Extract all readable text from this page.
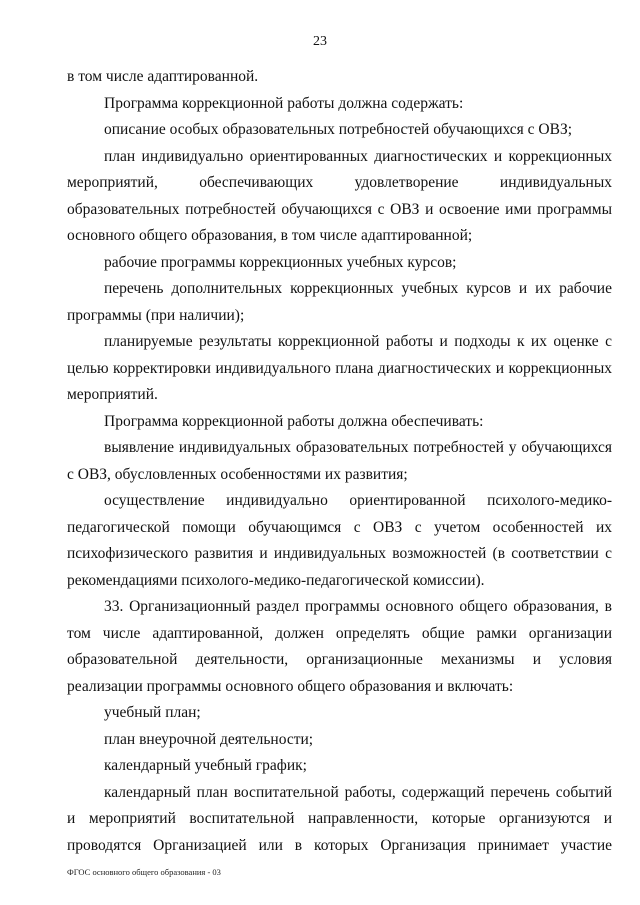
23

в том числе адаптированной.

Программа коррекционной работы должна содержать:

описание особых образовательных потребностей обучающихся с ОВЗ;

план индивидуально ориентированных диагностических и коррекционных мероприятий, обеспечивающих удовлетворение индивидуальных образовательных потребностей обучающихся с ОВЗ и освоение ими программы основного общего образования, в том числе адаптированной;

рабочие программы коррекционных учебных курсов;

перечень дополнительных коррекционных учебных курсов и их рабочие программы (при наличии);

планируемые результаты коррекционной работы и подходы к их оценке с целью корректировки индивидуального плана диагностических и коррекционных мероприятий.

Программа коррекционной работы должна обеспечивать:

выявление индивидуальных образовательных потребностей у обучающихся с ОВЗ, обусловленных особенностями их развития;

осуществление индивидуально ориентированной психолого-медико-педагогической помощи обучающимся с ОВЗ с учетом особенностей их психофизического развития и индивидуальных возможностей (в соответствии с рекомендациями психолого-медико-педагогической комиссии).

33. Организационный раздел программы основного общего образования, в том числе адаптированной, должен определять общие рамки организации образовательной деятельности, организационные механизмы и условия реализации программы основного общего образования и включать:

учебный план;

план внеурочной деятельности;

календарный учебный график;

календарный план воспитательной работы, содержащий перечень событий и мероприятий воспитательной направленности, которые организуются и проводятся Организацией или в которых Организация принимает участие

ФГОС основного общего образования - 03
